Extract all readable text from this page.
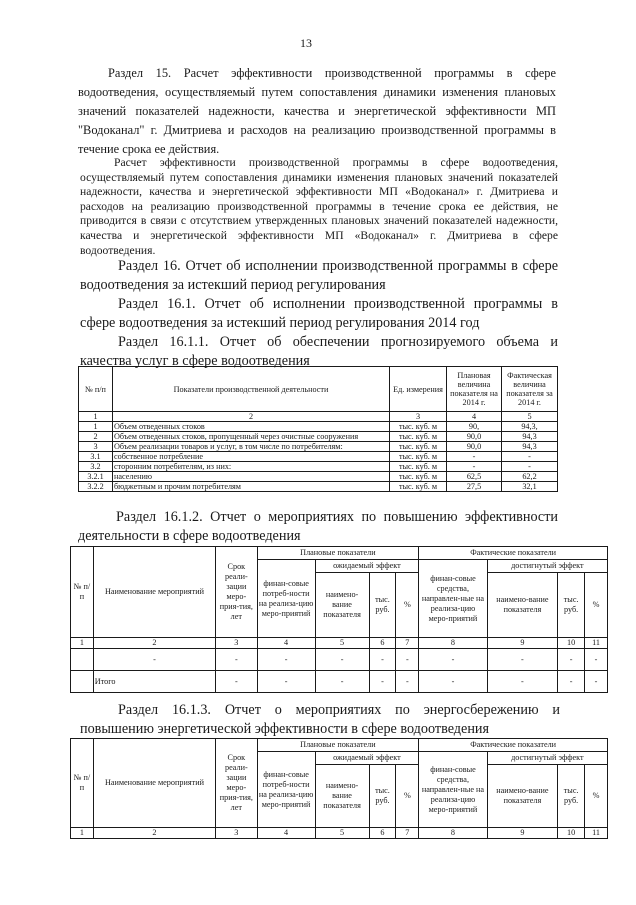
13

Раздел 15. Расчет эффективности производственной программы в сфере водоотведения, осуществляемый путем сопоставления динамики изменения плановых значений показателей надежности, качества и энергетической эффективности МП "Водоканал" г. Дмитриева и расходов на реализацию производственной программы в течение срока ее действия.

Расчет эффективности производственной программы в сфере водоотведения, осуществляемый путем сопоставления динамики изменения плановых значений показателей надежности, качества и энергетической эффективности МП «Водоканал» г. Дмитриева и расходов на реализацию производственной программы в течение срока ее действия, не приводится в связи с отсутствием утвержденных плановых значений показателей надежности, качества и энергетической эффективности МП «Водоканал» г. Дмитриева в сфере водоотведения.

Раздел 16. Отчет об исполнении производственной программы в сфере водоотведения за истекший период регулирования

Раздел 16.1. Отчет об исполнении производственной программы в сфере водоотведения за истекший период регулирования 2014 год

Раздел 16.1.1. Отчет об обеспечении прогнозируемого объема и качества услуг в сфере водоотведения

№ п/п	Показатели производственной деятельности	Ед. измерения	Плановая величина показателя на 2014 г.	Фактическая величина показателя за 2014 г.
1	2	3	4	5
1	Объем отведенных стоков	тыс. куб. м	90,	94,3,
2	Объем отведенных стоков, пропущенный через очистные сооружения	тыс. куб. м	90,0	94,3
3	Объем реализации товаров и услуг, в том числе по потребителям:	тыс. куб. м	90,0	94,3
3.1	собственное потребление	тыс. куб. м	-	-
3.2	сторонним потребителям, из них:	тыс. куб. м	-	-
3.2.1	населению	тыс. куб. м	62,5	62,2
3.2.2	бюджетным и прочим потребителям	тыс. куб. м	27,5	32,1

Раздел 16.1.2. Отчет о мероприятиях по повышению эффективности деятельности в сфере водоотведения

№ п/п	Наименование мероприятий	Срок реали-зации меро-прия-тия, лет	Плановые показатели				Фактические показатели			
			финан-совые потреб-ности на реализа-цию меро-приятий	ожидаемый эффект			финан-совые средства, направлен-ные на реализа-цию меро-приятий	достигнутый эффект		
				наимено-вание показателя	тыс. руб.	%		наимено-вание показателя	тыс. руб.	%
1	2	3	4	5	6	7	8	9	10	11
	-	-	-	-	-	-	-	-	-	-
	Итого	-	-	-	-	-	-	-	-	-

Раздел 16.1.3. Отчет о мероприятиях по энергосбережению и повышению энергетической эффективности в сфере водоотведения

№ п/п	Наименование мероприятий	Срок реали-зации меро-прия-тия, лет	Плановые показатели				Фактические показатели			
			финан-совые потреб-ности на реализа-цию меро-приятий	ожидаемый эффект			финан-совые средства, направлен-ные на реализа-цию меро-приятий	достигнутый эффект		
				наимено-вание показателя	тыс. руб.	%		наимено-вание показателя	тыс. руб.	%
1	2	3	4	5	6	7	8	9	10	11
